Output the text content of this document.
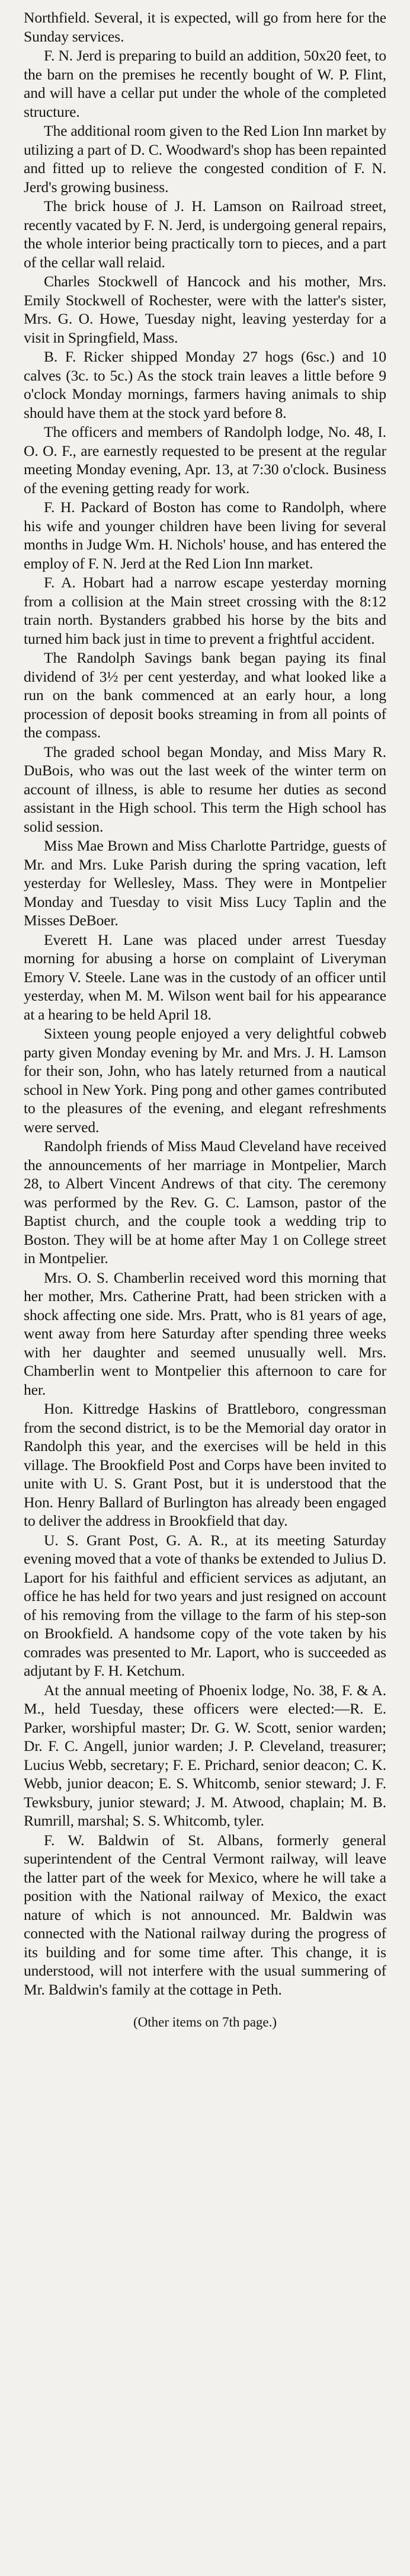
Northfield. Several, it is expected, will go from here for the Sunday services.

F. N. Jerd is preparing to build an addition, 50x20 feet, to the barn on the premises he recently bought of W. P. Flint, and will have a cellar put under the whole of the completed structure.

The additional room given to the Red Lion Inn market by utilizing a part of D. C. Woodward's shop has been repainted and fitted up to relieve the congested condition of F. N. Jerd's growing business.

The brick house of J. H. Lamson on Railroad street, recently vacated by F. N. Jerd, is undergoing general repairs, the whole interior being practically torn to pieces, and a part of the cellar wall relaid.

Charles Stockwell of Hancock and his mother, Mrs. Emily Stockwell of Rochester, were with the latter's sister, Mrs. G. O. Howe, Tuesday night, leaving yesterday for a visit in Springfield, Mass.

B. F. Ricker shipped Monday 27 hogs (6sc.) and 10 calves (3c. to 5c.) As the stock train leaves a little before 9 o'clock Monday mornings, farmers having animals to ship should have them at the stock yard before 8.

The officers and members of Randolph lodge, No. 48, I. O. O. F., are earnestly requested to be present at the regular meeting Monday evening, Apr. 13, at 7:30 o'clock. Business of the evening getting ready for work.

F. H. Packard of Boston has come to Randolph, where his wife and younger children have been living for several months in Judge Wm. H. Nichols' house, and has entered the employ of F. N. Jerd at the Red Lion Inn market.

F. A. Hobart had a narrow escape yesterday morning from a collision at the Main street crossing with the 8:12 train north. Bystanders grabbed his horse by the bits and turned him back just in time to prevent a frightful accident.

The Randolph Savings bank began paying its final dividend of 3½ per cent yesterday, and what looked like a run on the bank commenced at an early hour, a long procession of deposit books streaming in from all points of the compass.

The graded school began Monday, and Miss Mary R. DuBois, who was out the last week of the winter term on account of illness, is able to resume her duties as second assistant in the High school. This term the High school has solid session.

Miss Mae Brown and Miss Charlotte Partridge, guests of Mr. and Mrs. Luke Parish during the spring vacation, left yesterday for Wellesley, Mass. They were in Montpelier Monday and Tuesday to visit Miss Lucy Taplin and the Misses DeBoer.

Everett H. Lane was placed under arrest Tuesday morning for abusing a horse on complaint of Liveryman Emory V. Steele. Lane was in the custody of an officer until yesterday, when M. M. Wilson went bail for his appearance at a hearing to be held April 18.

Sixteen young people enjoyed a very delightful cobweb party given Monday evening by Mr. and Mrs. J. H. Lamson for their son, John, who has lately returned from a nautical school in New York. Ping pong and other games contributed to the pleasures of the evening, and elegant refreshments were served.

Randolph friends of Miss Maud Cleveland have received the announcements of her marriage in Montpelier, March 28, to Albert Vincent Andrews of that city. The ceremony was performed by the Rev. G. C. Lamson, pastor of the Baptist church, and the couple took a wedding trip to Boston. They will be at home after May 1 on College street in Montpelier.

Mrs. O. S. Chamberlin received word this morning that her mother, Mrs. Catherine Pratt, had been stricken with a shock affecting one side. Mrs. Pratt, who is 81 years of age, went away from here Saturday after spending three weeks with her daughter and seemed unusually well. Mrs. Chamberlin went to Montpelier this afternoon to care for her.

Hon. Kittredge Haskins of Brattleboro, congressman from the second district, is to be the Memorial day orator in Randolph this year, and the exercises will be held in this village. The Brookfield Post and Corps have been invited to unite with U. S. Grant Post, but it is understood that the Hon. Henry Ballard of Burlington has already been engaged to deliver the address in Brookfield that day.

U. S. Grant Post, G. A. R., at its meeting Saturday evening moved that a vote of thanks be extended to Julius D. Laport for his faithful and efficient services as adjutant, an office he has held for two years and just resigned on account of his removing from the village to the farm of his step-son on Brookfield. A handsome copy of the vote taken by his comrades was presented to Mr. Laport, who is succeeded as adjutant by F. H. Ketchum.

At the annual meeting of Phoenix lodge, No. 38, F. & A. M., held Tuesday, these officers were elected:—R. E. Parker, worshipful master; Dr. G. W. Scott, senior warden; Dr. F. C. Angell, junior warden; J. P. Cleveland, treasurer; Lucius Webb, secretary; F. E. Prichard, senior deacon; C. K. Webb, junior deacon; E. S. Whitcomb, senior steward; J. F. Tewksbury, junior steward; J. M. Atwood, chaplain; M. B. Rumrill, marshal; S. S. Whitcomb, tyler.

F. W. Baldwin of St. Albans, formerly general superintendent of the Central Vermont railway, will leave the latter part of the week for Mexico, where he will take a position with the National railway of Mexico, the exact nature of which is not announced. Mr. Baldwin was connected with the National railway during the progress of its building and for some time after. This change, it is understood, will not interfere with the usual summering of Mr. Baldwin's family at the cottage in Peth.

(Other items on 7th page.)
